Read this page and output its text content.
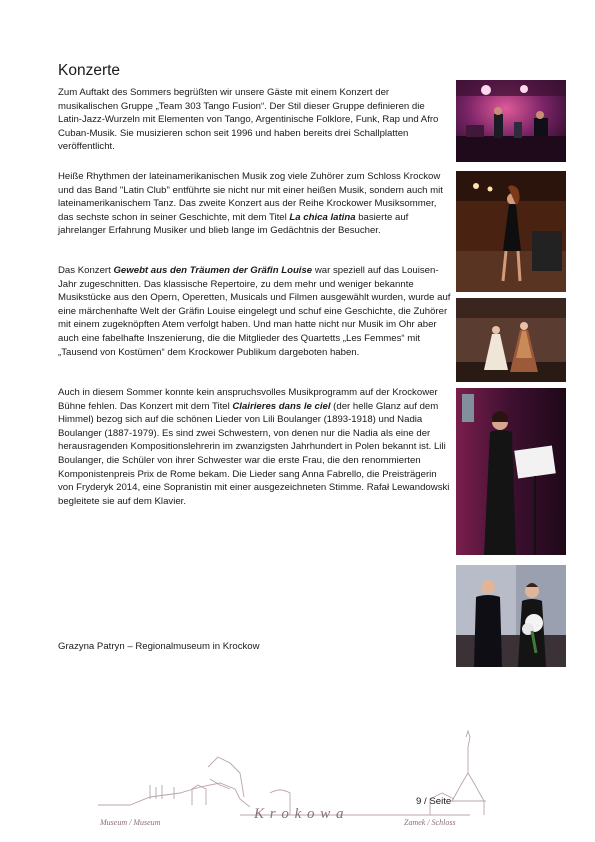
Konzerte

Zum Auftakt des Sommers begrüßten wir unsere Gäste mit einem Konzert der musikalischen Gruppe „Team 303 Tango Fusion“. Der Stil dieser Gruppe definieren die Latin-Jazz-Wurzeln mit Elementen von Tango, Argentinische Folklore, Funk, Rap und Afro Cuban-Musik. Sie musizieren schon seit 1996 und haben bereits drei Schallplatten veröffentlicht.

Heiße Rhythmen der lateinamerikanischen Musik zog viele Zuhörer zum Schloss Krockow und das Band "Latin Club" entführte sie nicht nur mit einer heißen Musik, sondern auch mit lateinamerikanischem Tanz. Das zweite Konzert aus der Reihe Krockower Musiksommer, das sechste schon in seiner Geschichte, mit dem Titel La chica latina basierte auf jahrelanger Erfahrung Musiker und blieb lange im Gedächtnis der Besucher.

Das Konzert Gewebt aus den Träumen der Gräfin Louise war speziell auf das Louisen-Jahr zugeschnitten. Das klassische Repertoire, zu dem mehr und weniger bekannte Musikstücke aus den Opern, Operetten, Musicals und Filmen ausgewählt wurden, wurde auf eine märchenhafte Welt der Gräfin Louise eingelegt und schuf eine Geschichte, die Zuhörer mit einem zugeknöpften Atem verfolgt haben. Und man hatte nicht nur Musik im Ohr aber auch eine fabelhafte Inszenierung, die die Mitglieder des Quartetts „Les Femmes“ mit „Tausend von Kostümen“ dem Krockower Publikum dargeboten haben.

Auch in diesem Sommer konnte kein anspruchsvolles Musikprogramm auf der Krockower Bühne fehlen. Das Konzert mit dem Titel Clairieres dans le ciel (der helle Glanz auf dem Himmel) bezog sich auf die schönen Lieder von Lili Boulanger (1893-1918) und Nadia Boulanger (1887-1979). Es sind zwei Schwestern, von denen nur die Nadia als eine der herausragenden Kompositionslehrerin im zwanzigsten Jahrhundert in Polen bekannt ist. Lili Boulanger, die Schüler von ihrer Schwester war die erste Frau, die den renommierten Komponistenpreis Prix de Rome bekam. Die Lieder sang Anna Fabrello, die Preisträgerin von Fryderyk 2014, eine Sopranistin mit einer ausgezeichneten Stimme. Rafał Lewandowski begleitete sie auf dem Klavier.

Grazyna Patryn – Regionalmuseum in Krockow

Museum / Museum
K r o k o w a
Zamek / Schloss
9 / Seite
